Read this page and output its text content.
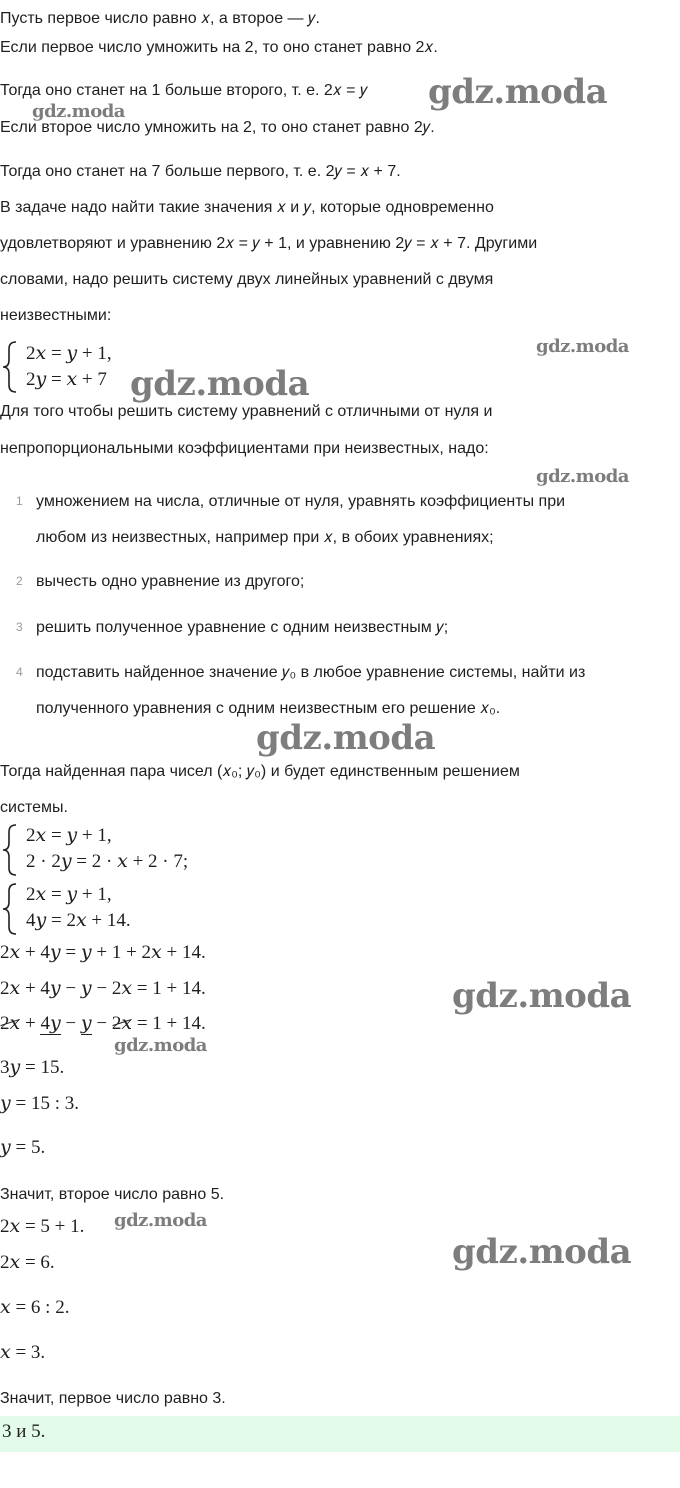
Пусть первое число равно 𝑥, а второе — 𝑦.
Если первое число умножить на 2, то оно станет равно 2𝑥.
Тогда оно станет на 1 больше второго, т. е. 2𝑥 = 𝑦
Если второе число умножить на 2, то оно станет равно 2𝑦.
Тогда оно станет на 7 больше первого, т. е. 2𝑦 = 𝑥 + 7.
В задаче надо найти такие значения 𝑥 и 𝑦, которые одновременно
удовлетворяют и уравнению 2𝑥 = 𝑦 + 1, и уравнению 2𝑦 = 𝑥 + 7. Другими
словами, надо решить систему двух линейных уравнений с двумя
неизвестными:
2𝑥 = 𝑦 + 1,
2𝑦 = 𝑥 + 7
Для того чтобы решить систему уравнений с отличными от нуля и
непропорциональными коэффициентами при неизвестных, надо:
1 умножением на числа, отличные от нуля, уравнять коэффициенты при
любом из неизвестных, например при 𝑥, в обоих уравнениях;
2 вычесть одно уравнение из другого;
3 решить полученное уравнение с одним неизвестным 𝑦;
4 подставить найденное значение 𝑦₀ в любое уравнение системы, найти из
полученного уравнения с одним неизвестным его решение 𝑥₀.
Тогда найденная пара чисел (𝑥₀; 𝑦₀) и будет единственным решением
системы.
2𝑥 = 𝑦 + 1,
2 · 2𝑦 = 2 · 𝑥 + 2 · 7;
2𝑥 = 𝑦 + 1,
4𝑦 = 2𝑥 + 14.
2𝑥 + 4𝑦 = 𝑦 + 1 + 2𝑥 + 14.
2𝑥 + 4𝑦 − 𝑦 − 2𝑥 = 1 + 14.
2𝑥 + 4𝑦 − 𝑦 − 2𝑥 = 1 + 14.
3𝑦 = 15.
𝑦 = 15 : 3.
𝑦 = 5.
Значит, второе число равно 5.
2𝑥 = 5 + 1.
2𝑥 = 6.
𝑥 = 6 : 2.
𝑥 = 3.
Значит, первое число равно 3.
3 и 5.
gdz.moda
gdz.moda
gdz.moda
gdz.moda
gdz.moda
gdz.moda
gdz.moda
gdz.moda
gdz.moda
gdz.moda
